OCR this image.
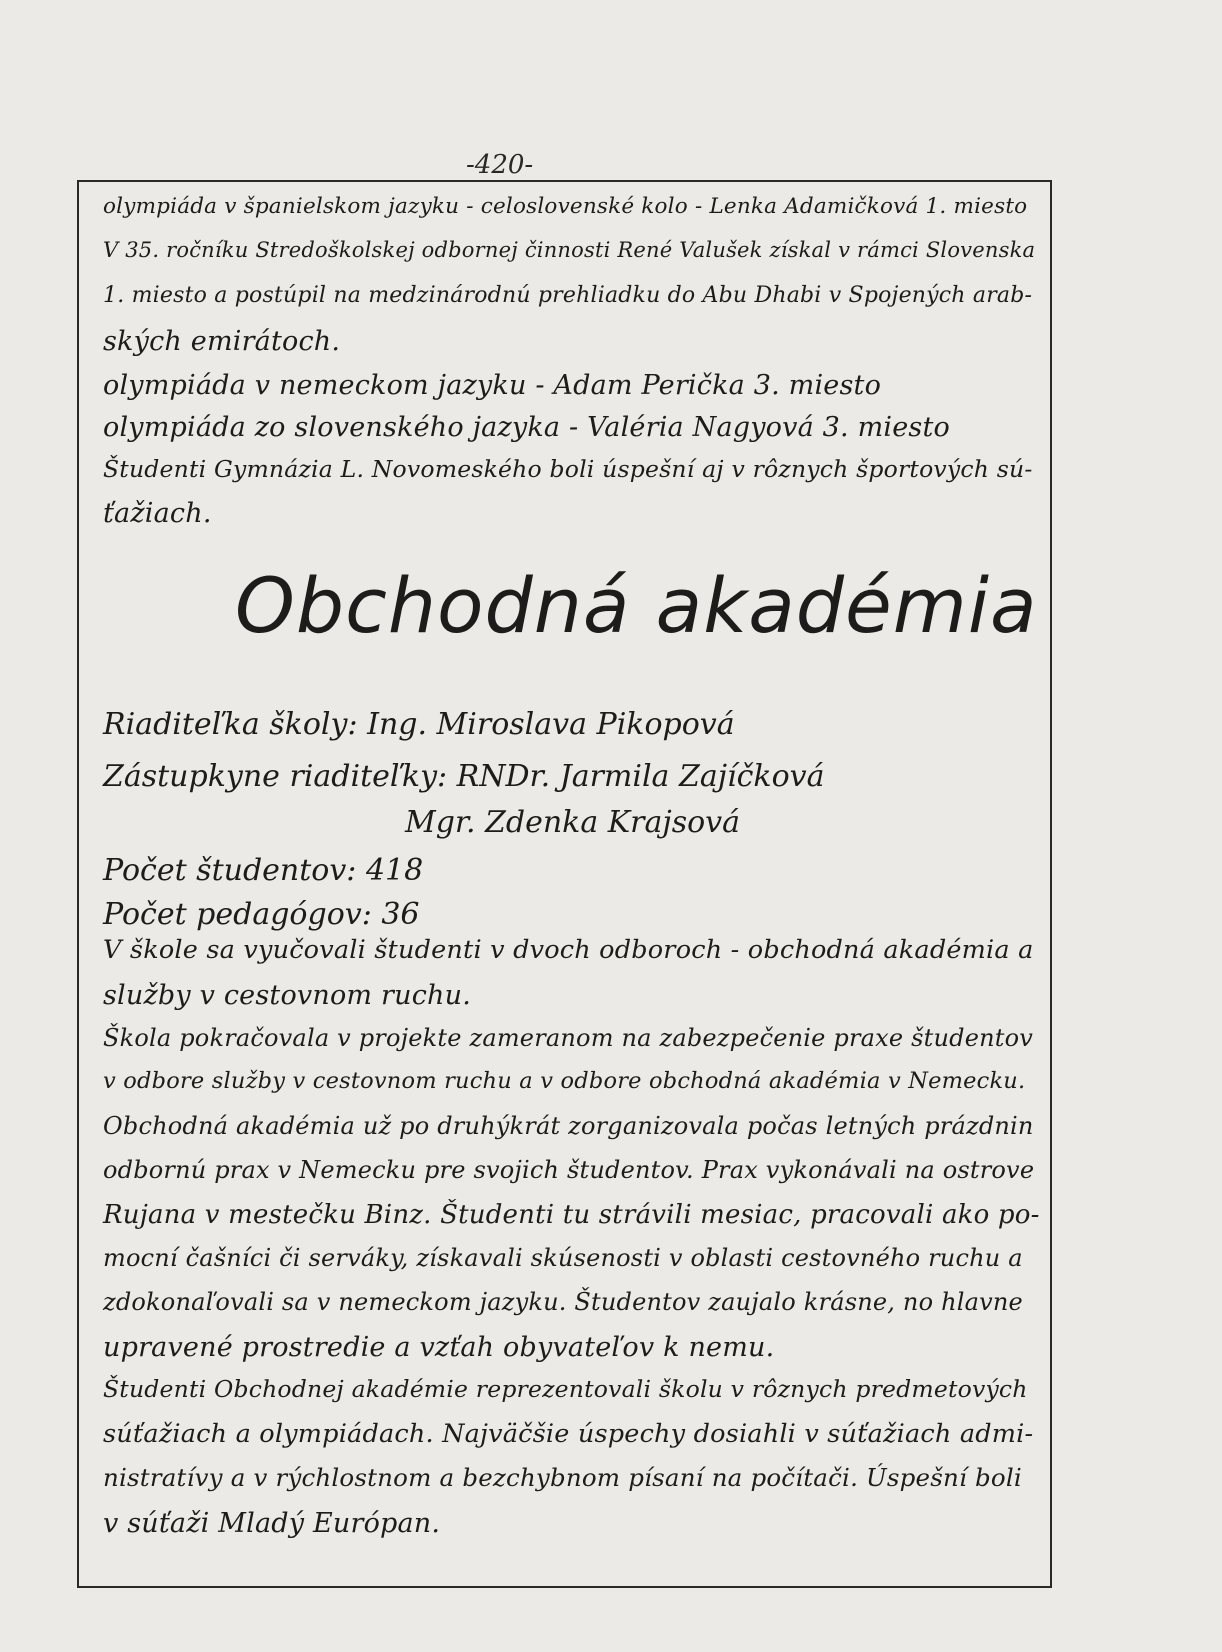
-420-
olympiáda v španielskom jazyku - celoslovenské kolo - Lenka Adamičková 1. miesto
V 35. ročníku Stredoškolskej odbornej činnosti René Valušek získal v rámci Slovenska
1. miesto a postúpil na medzinárodnú prehliadku do Abu Dhabi v Spojených arab-
ských emirátoch.
olympiáda v nemeckom jazyku - Adam Perička 3. miesto
olympiáda zo slovenského jazyka - Valéria Nagyová 3. miesto
Študenti Gymnázia L. Novomeského boli úspešní aj v rôznych športových sú-
ťažiach.
Obchodná akadémia
Riaditeľka školy: Ing. Miroslava Pikopová
Zástupkyne riaditeľky: RNDr. Jarmila Zajíčková
Mgr. Zdenka Krajsová
Počet študentov: 418
Počet pedagógov: 36
V škole sa vyučovali študenti v dvoch odboroch - obchodná akadémia a
služby v cestovnom ruchu.
Škola pokračovala v projekte zameranom na zabezpečenie praxe študentov
v odbore služby v cestovnom ruchu a v odbore obchodná akadémia v Nemecku.
Obchodná akadémia už po druhýkrát zorganizovala počas letných prázdnin
odbornú prax v Nemecku pre svojich študentov. Prax vykonávali na ostrove
Rujana v mestečku Binz. Študenti tu strávili mesiac, pracovali ako po-
mocní čašníci či serváky, získavali skúsenosti v oblasti cestovného ruchu a
zdokonaľovali sa v nemeckom jazyku. Študentov zaujalo krásne, no hlavne
upravené prostredie a vzťah obyvateľov k nemu.
Študenti Obchodnej akadémie reprezentovali školu v rôznych predmetových
súťažiach a olympiádach. Najväčšie úspechy dosiahli v súťažiach admi-
nistratívy a v rýchlostnom a bezchybnom písaní na počítači. Úspešní boli
v súťaži Mladý Európan.
